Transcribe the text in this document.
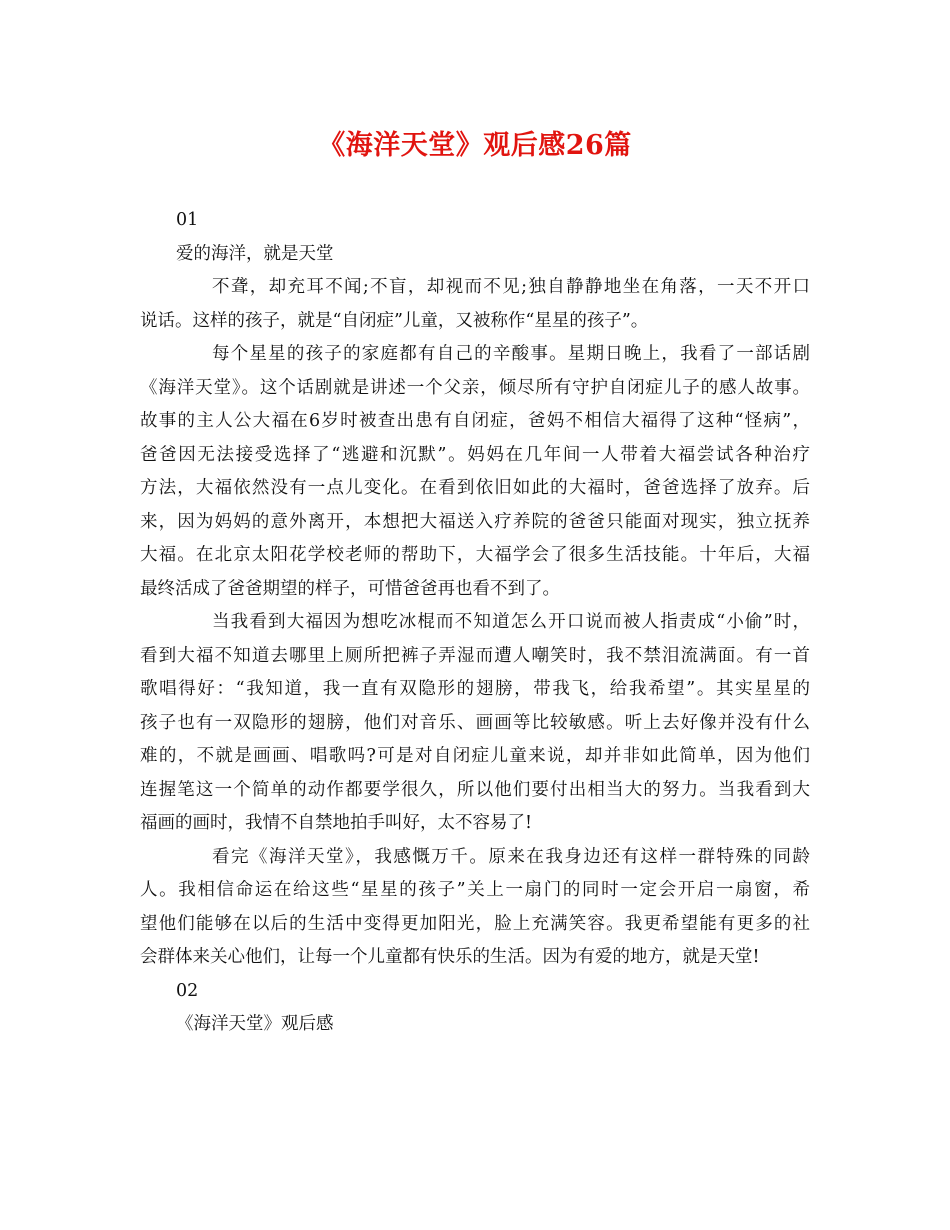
《海洋天堂》观后感26篇

01

爱的海洋，就是天堂

不聋，却充耳不闻;不盲，却视而不见;独自静静地坐在角落，一天不开口

说话。这样的孩子，就是“自闭症”儿童，又被称作“星星的孩子”。

每个星星的孩子的家庭都有自己的辛酸事。星期日晚上，我看了一部话剧

《海洋天堂》。这个话剧就是讲述一个父亲，倾尽所有守护自闭症儿子的感人故事。

故事的主人公大福在6岁时被查出患有自闭症，爸妈不相信大福得了这种“怪病”，

爸爸因无法接受选择了“逃避和沉默”。妈妈在几年间一人带着大福尝试各种治疗

方法，大福依然没有一点儿变化。在看到依旧如此的大福时，爸爸选择了放弃。后

来，因为妈妈的意外离开，本想把大福送入疗养院的爸爸只能面对现实，独立抚养

大福。在北京太阳花学校老师的帮助下，大福学会了很多生活技能。十年后，大福

最终活成了爸爸期望的样子，可惜爸爸再也看不到了。

当我看到大福因为想吃冰棍而不知道怎么开口说而被人指责成“小偷”时，

看到大福不知道去哪里上厕所把裤子弄湿而遭人嘲笑时，我不禁泪流满面。有一首

歌唱得好：“我知道，我一直有双隐形的翅膀，带我飞，给我希望”。其实星星的

孩子也有一双隐形的翅膀，他们对音乐、画画等比较敏感。听上去好像并没有什么

难的，不就是画画、唱歌吗?可是对自闭症儿童来说，却并非如此简单，因为他们

连握笔这一个简单的动作都要学很久，所以他们要付出相当大的努力。当我看到大

福画的画时，我情不自禁地拍手叫好，太不容易了!

看完《海洋天堂》，我感慨万千。原来在我身边还有这样一群特殊的同龄

人。我相信命运在给这些“星星的孩子”关上一扇门的同时一定会开启一扇窗，希

望他们能够在以后的生活中变得更加阳光，脸上充满笑容。我更希望能有更多的社

会群体来关心他们，让每一个儿童都有快乐的生活。因为有爱的地方，就是天堂!

02

《海洋天堂》观后感
